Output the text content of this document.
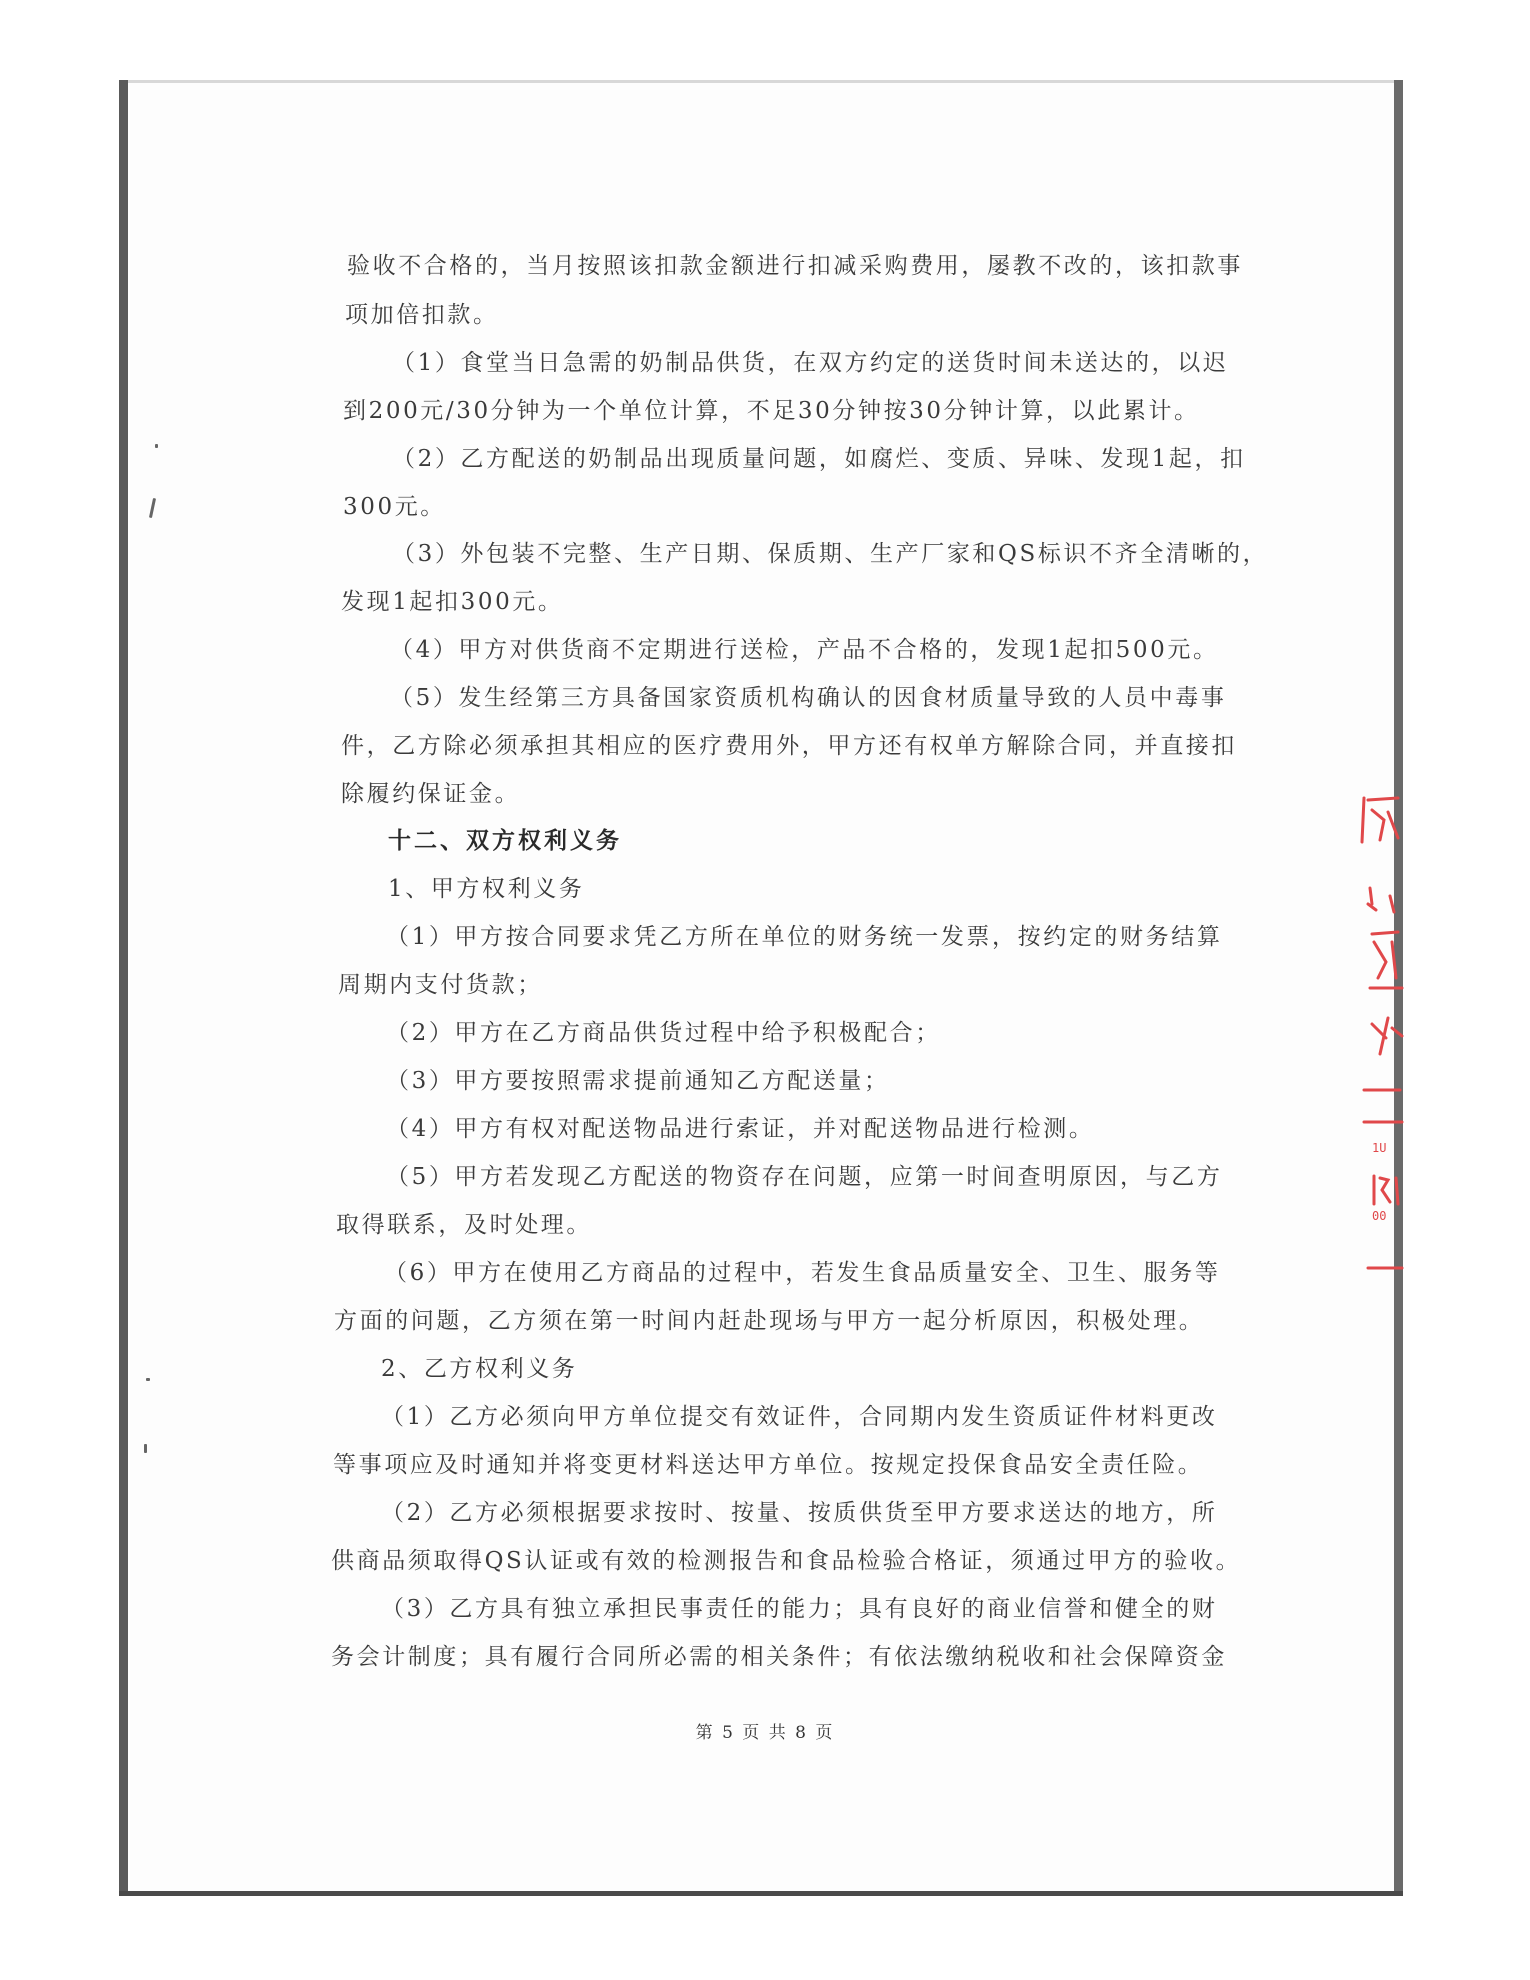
验收不合格的，当月按照该扣款金额进行扣减采购费用，屡教不改的，该扣款事
项加倍扣款。
（1）食堂当日急需的奶制品供货，在双方约定的送货时间未送达的，以迟
到200元/30分钟为一个单位计算，不足30分钟按30分钟计算，以此累计。
（2）乙方配送的奶制品出现质量问题，如腐烂、变质、异味、发现1起，扣
300元。
（3）外包装不完整、生产日期、保质期、生产厂家和QS标识不齐全清晰的，
发现1起扣300元。
（4）甲方对供货商不定期进行送检，产品不合格的，发现1起扣500元。
（5）发生经第三方具备国家资质机构确认的因食材质量导致的人员中毒事
件，乙方除必须承担其相应的医疗费用外，甲方还有权单方解除合同，并直接扣
除履约保证金。
十二、双方权利义务
1、甲方权利义务
（1）甲方按合同要求凭乙方所在单位的财务统一发票，按约定的财务结算
周期内支付货款；
（2）甲方在乙方商品供货过程中给予积极配合；
（3）甲方要按照需求提前通知乙方配送量；
（4）甲方有权对配送物品进行索证，并对配送物品进行检测。
（5）甲方若发现乙方配送的物资存在问题，应第一时间查明原因，与乙方
取得联系，及时处理。
（6）甲方在使用乙方商品的过程中，若发生食品质量安全、卫生、服务等
方面的问题，乙方须在第一时间内赶赴现场与甲方一起分析原因，积极处理。
2、乙方权利义务
（1）乙方必须向甲方单位提交有效证件，合同期内发生资质证件材料更改
等事项应及时通知并将变更材料送达甲方单位。按规定投保食品安全责任险。
（2）乙方必须根据要求按时、按量、按质供货至甲方要求送达的地方，所
供商品须取得QS认证或有效的检测报告和食品检验合格证，须通过甲方的验收。
（3）乙方具有独立承担民事责任的能力；具有良好的商业信誉和健全的财
务会计制度；具有履行合同所必需的相关条件；有依法缴纳税收和社会保障资金
第 5 页 共 8 页
1U
00
